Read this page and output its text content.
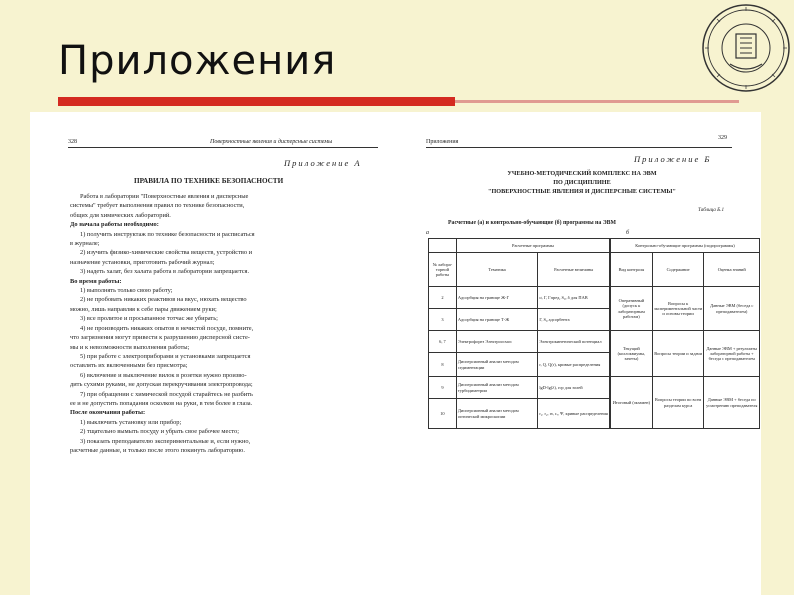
Приложения
328	Поверхностные явления и дисперсные системы
Приложение А
ПРАВИЛА ПО ТЕХНИКЕ БЕЗОПАСНОСТИ
Работа в лаборатории "Поверхностные явления и дисперсные
системы" требует выполнения правил по технике безопасности,
общих для химических лабораторий.
До начала работы необходимо:
1) получить инструктаж по технике безопасности и расписаться
в журнале;
2) изучить физико-химические свойства веществ, устройство и
назначение установки, приготовить рабочий журнал;
3) надеть халат, без халата работа в лаборатории запрещается.
Во время работы:
1) выполнять только свою работу;
2) не пробовать никаких реактивов на вкус, нюхать вещество
можно, лишь направляя к себе пары движением руки;
3) все пролитое и просыпанное тотчас же убирать;
4) не производить никаких опытов в нечистой посуде, помните,
что загрязнения могут привести к разрушению дисперсной систе-
мы и к невозможности выполнения работы;
5) при работе с электроприборами и установками запрещается
оставлять их включенными без присмотра;
6) включение и выключение вилок в розетки нужно произво-
дить сухими руками, не допуская перекручивания электропровода;
7) при обращении с химической посудой старайтесь не разбить
ее и не допустить попадания осколков на руки, в тем более в глаза.
После окончания работы:
1) выключить установку или прибор;
2) тщательно вымыть посуду и убрать свое рабочее место;
3) показать преподавателю экспериментальные и, если нужно,
расчетные данные, и только после этого покинуть лабораторию.
Приложения
329
Приложение Б
УЧЕБНО-МЕТОДИЧЕСКИЙ КОМПЛЕКС НА ЭВМ
ПО ДИСЦИПЛИНЕ
"ПОВЕРХНОСТНЫЕ ЯВЛЕНИЯ И ДИСПЕРСНЫЕ СИСТЕМЫ"
Таблица Б.1
Расчетные (а) и контрольно-обучающие (б) программы на ЭВМ
а	б
	Расчетные программы	
№ лабора-торной работы	Тематика	Расчетные величины
2	Адсорбция на границе Ж-Г	σ, Г, Гпред, S₀, δ для ПАВ
3	Адсорбция на границе Т-Ж	Г, S₀ адсорбента
6, 7	Электрофорез Электроосмос	Электрокинетический потенциал
8	Дисперсионный анализ методом седиментации	r, Q, Q(r), кривые распределения
9	Дисперсионный анализ методом турбидиметрии	lgD-lg(λ), rср для золей
10	Дисперсионный анализ методом оптической микроскопии	r₁, r₂, rₕ, rᵥ, Ψ, кривые распределения
Контрольно-обучающие программы (подпрограммы)		
Вид контроля	Содержание	Оценка знаний
Оперативный (допуск к лабораторным работам)	Вопросы к экспериментальной части и основы теории	Данные ЭВМ (беседа с преподавателем)
Текущий (коллоквиумы, зачеты)	Вопросы теории и задачи	Данные ЭВМ + результаты лабораторной работы + беседа с преподавателем
Итоговый (экзамен)	Вопросы теории по всем разделам курса	Данные ЭВМ + беседа по усмотрению преподавателя
